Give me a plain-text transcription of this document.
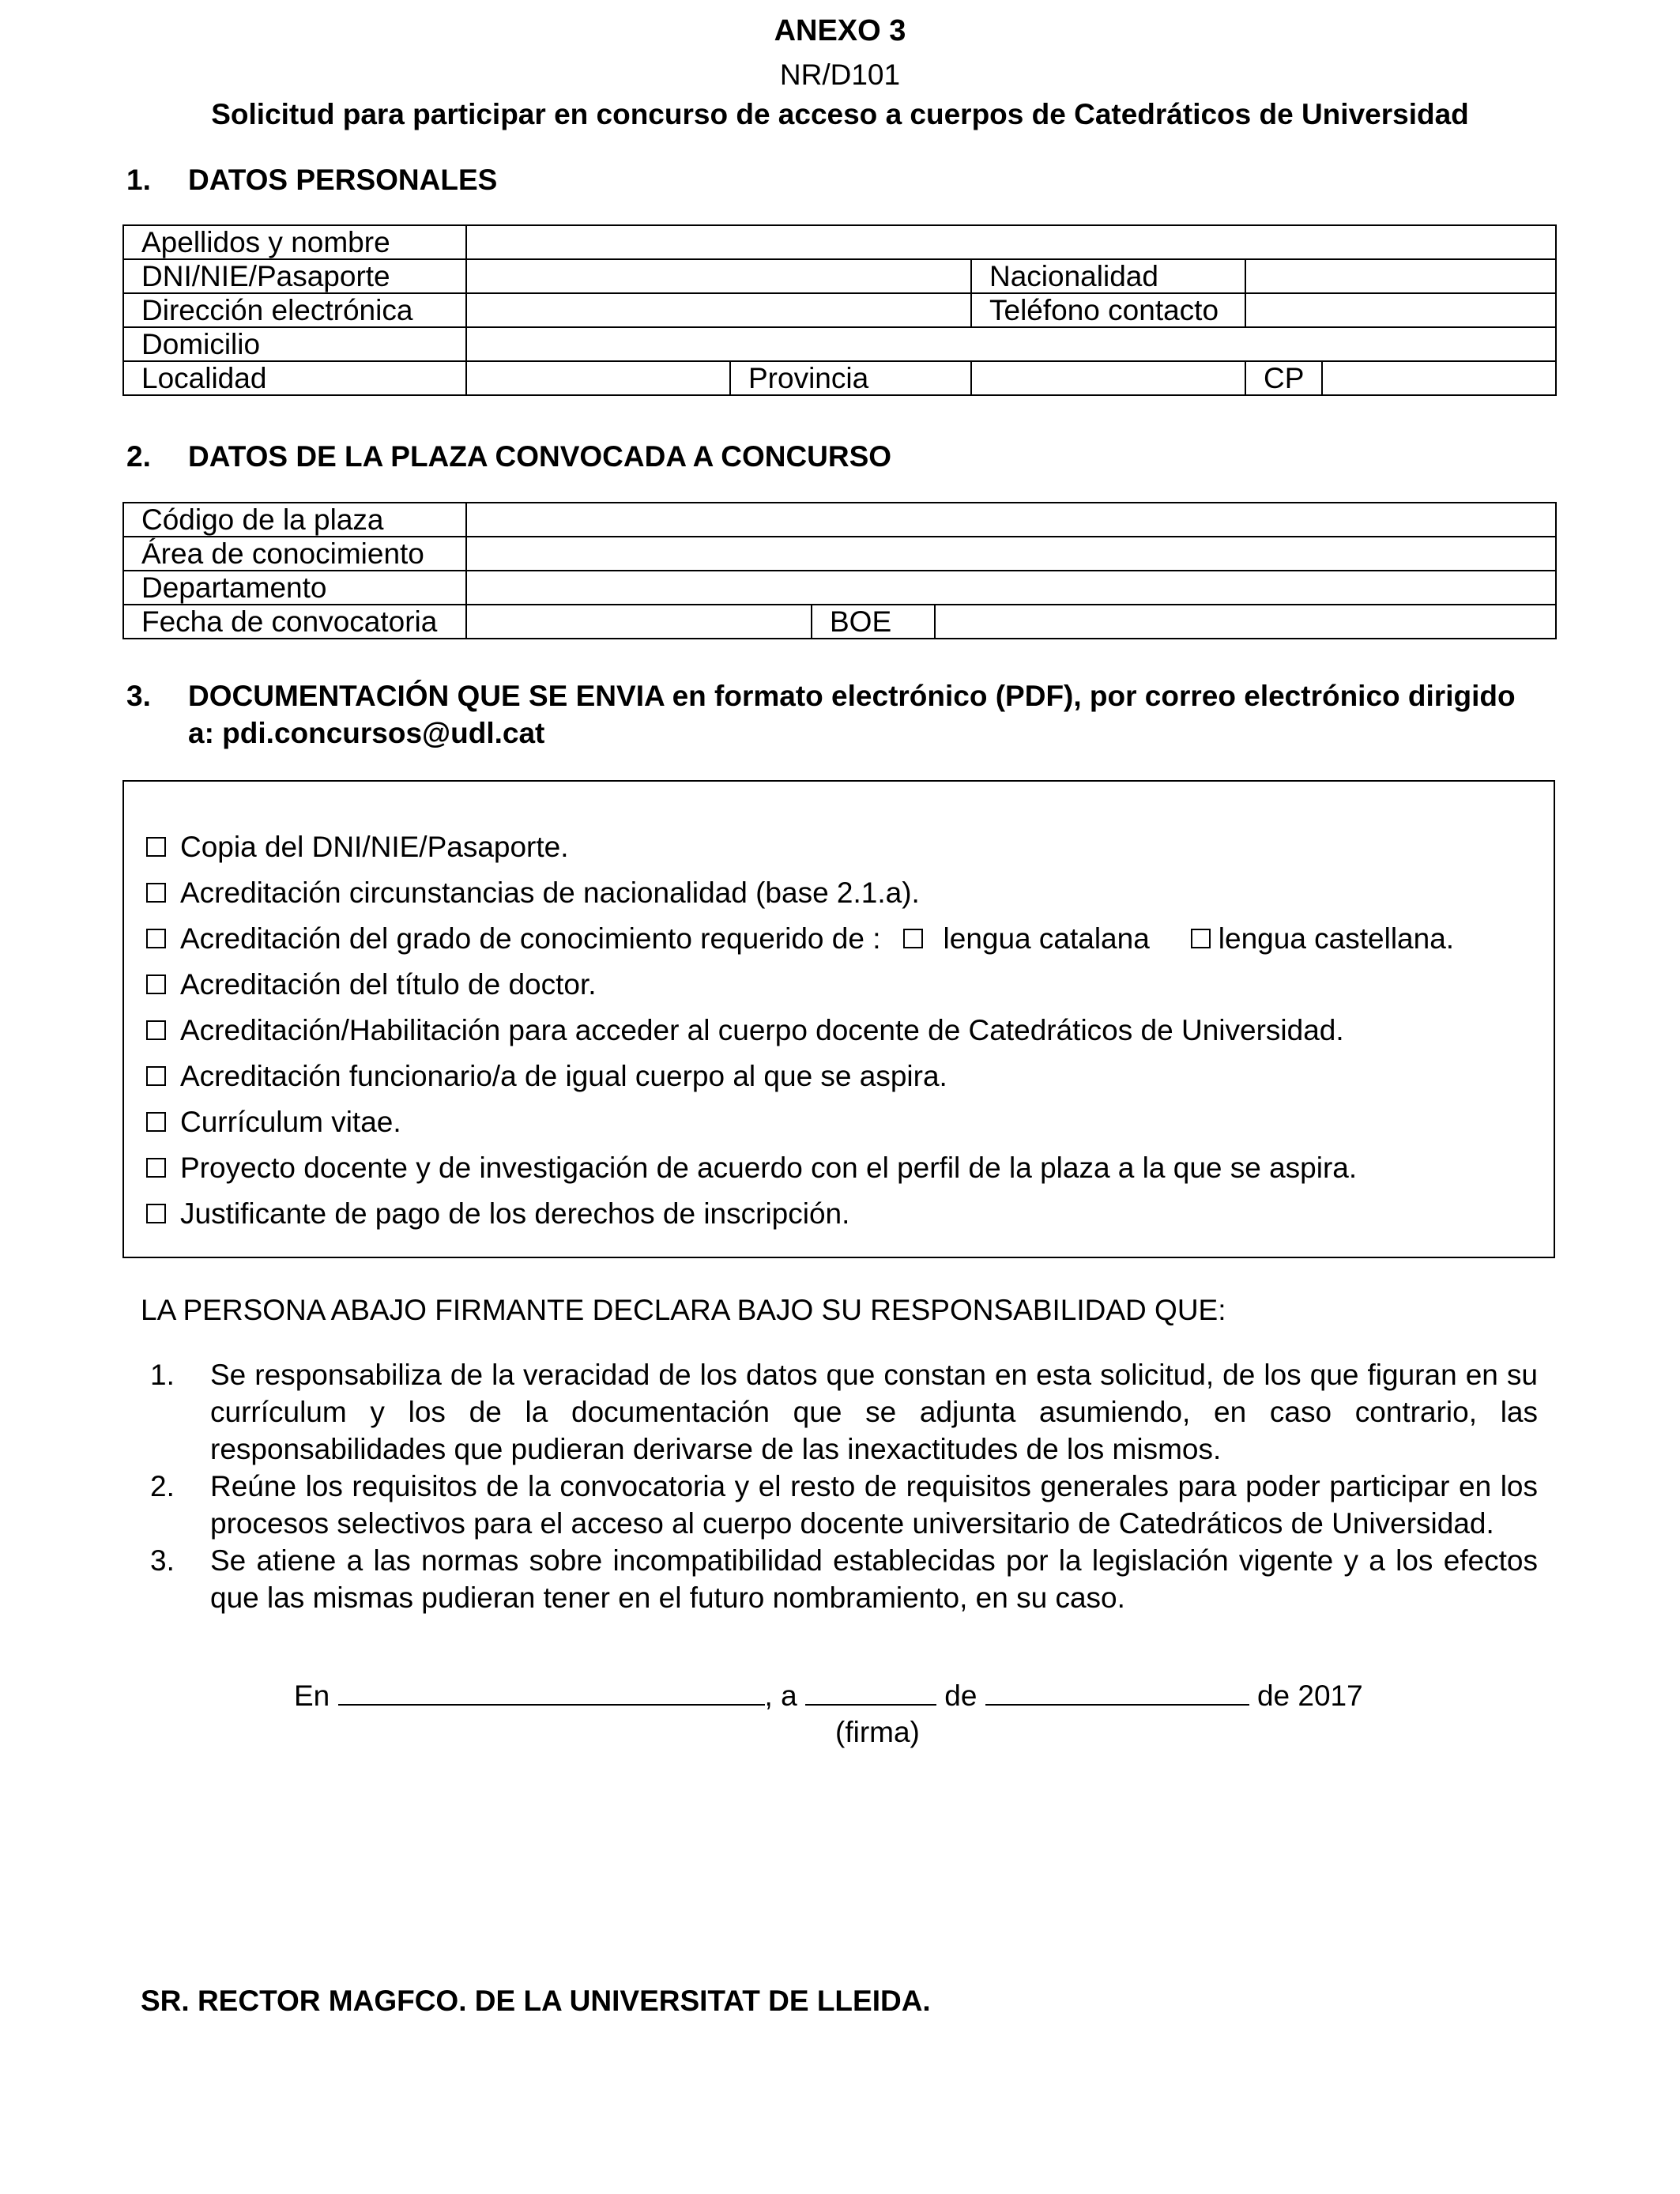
ANEXO 3
NR/D101
Solicitud para participar en concurso de acceso a cuerpos de Catedráticos de Universidad
1. DATOS PERSONALES
Apellidos y nombre					
DNI/NIE/Pasaporte			Nacionalidad		
Dirección electrónica			Teléfono contacto		
Domicilio					
Localidad		Provincia		CP	
2. DATOS DE LA PLAZA CONVOCADA A CONCURSO
Código de la plaza			
Área de conocimiento			
Departamento			
Fecha de convocatoria		BOE	
3.	DOCUMENTACIÓN QUE SE ENVIA en formato electrónico (PDF), por correo electrónico dirigido
a: pdi.concursos@udl.cat
Copia del DNI/NIE/Pasaporte.
Acreditación circunstancias de nacionalidad (base 2.1.a).
Acreditación del grado de conocimiento requerido de : lengua catalana lengua castellana.
Acreditación del título de doctor.
Acreditación/Habilitación para acceder al cuerpo docente de Catedráticos de Universidad.
Acreditación funcionario/a de igual cuerpo al que se aspira.
Currículum vitae.
Proyecto docente y de investigación de acuerdo con el perfil de la plaza a la que se aspira.
Justificante de pago de los derechos de inscripción.
LA PERSONA ABAJO FIRMANTE DECLARA BAJO SU RESPONSABILIDAD QUE:
1. Se responsabiliza de la veracidad de los datos que constan en esta solicitud, de los que figuran en su currículum y los de la documentación que se adjunta asumiendo, en caso contrario, las responsabilidades que pudieran derivarse de las inexactitudes de los mismos.
2. Reúne los requisitos de la convocatoria y el resto de requisitos generales para poder participar en los procesos selectivos para el acceso al cuerpo docente universitario de Catedráticos de Universidad.
3. Se atiene a las normas sobre incompatibilidad establecidas por la legislación vigente y a los efectos que las mismas pudieran tener en el futuro nombramiento, en su caso.
En	, a	de	de 2017
(firma)
SR. RECTOR MAGFCO. DE LA UNIVERSITAT DE LLEIDA.
